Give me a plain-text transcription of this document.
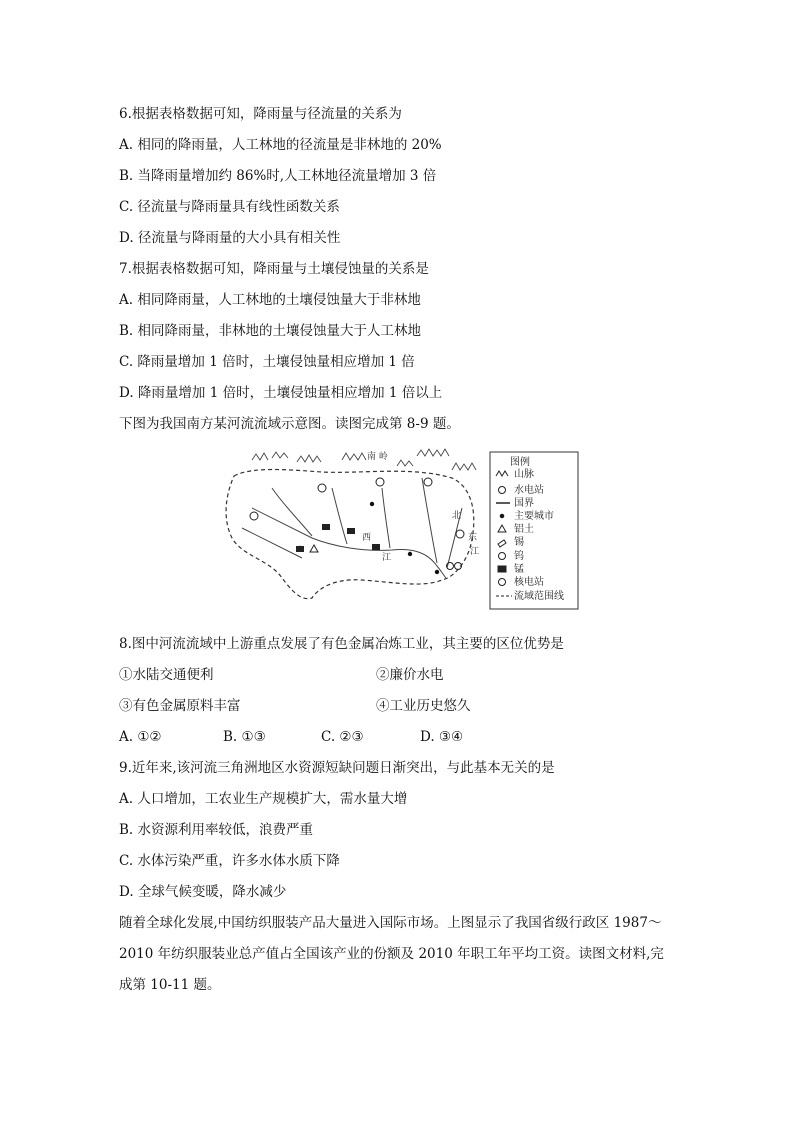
6.根据表格数据可知，降雨量与径流量的关系为
A. 相同的降雨量，人工林地的径流量是非林地的 20%
B. 当降雨量增加约 86%时,人工林地径流量增加 3 倍
C. 径流量与降雨量具有线性函数关系
D. 径流量与降雨量的大小具有相关性
7.根据表格数据可知，降雨量与土壤侵蚀量的关系是
A. 相同降雨量，人工林地的土壤侵蚀量大于非林地
B. 相同降雨量，非林地的土壤侵蚀量大于人工林地
C. 降雨量增加 1 倍时，土壤侵蚀量相应增加 1 倍
D. 降雨量增加 1 倍时，土壤侵蚀量相应增加 1 倍以上
下图为我国南方某河流流域示意图。读图完成第 8-9 题。
南 岭
西
江
北
东
江
图例
山脉
水电站
国界
主要城市
铝土
锡
钨
锰
核电站
流域范围线
8.图中河流流域中上游重点发展了有色金属冶炼工业，其主要的区位优势是
①水陆交通便利	②廉价水电
③有色金属原料丰富	④工业历史悠久
A. ①②	B. ①③	C. ②③	D. ③④
9.近年来,该河流三角洲地区水资源短缺问题日渐突出，与此基本无关的是
A. 人口增加，工农业生产规模扩大，需水量大增
B. 水资源利用率较低，浪费严重
C. 水体污染严重，许多水体水质下降
D. 全球气候变暖，降水减少
随着全球化发展,中国纺织服装产品大量进入国际市场。上图显示了我国省级行政区 1987～
2010 年纺织服装业总产值占全国该产业的份额及 2010 年职工年平均工资。读图文材料,完
成第 10-11 题。
